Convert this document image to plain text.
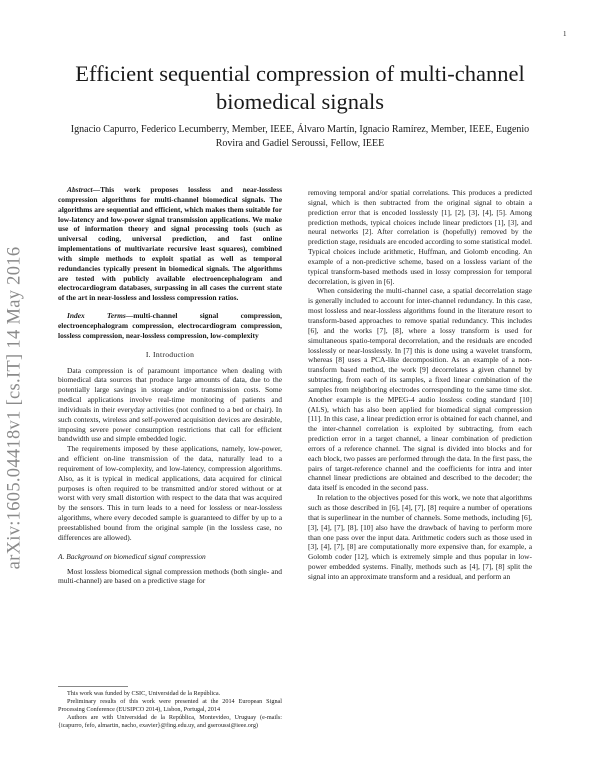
1
arXiv:1605.04418v1 [cs.IT] 14 May 2016
Efficient sequential compression of multi-channel biomedical signals

Ignacio Capurro, Federico Lecumberry, Member, IEEE, Álvaro Martín, Ignacio Ramírez, Member, IEEE, Eugenio Rovira and Gadiel Seroussi, Fellow, IEEE

Abstract—This work proposes lossless and near-lossless compression algorithms for multi-channel biomedical signals. The algorithms are sequential and efficient, which makes them suitable for low-latency and low-power signal transmission applications. We make use of information theory and signal processing tools (such as universal coding, universal prediction, and fast online implementations of multivariate recursive least squares), combined with simple methods to exploit spatial as well as temporal redundancies typically present in biomedical signals. The algorithms are tested with publicly available electroencephalogram and electrocardiogram databases, surpassing in all cases the current state of the art in near-lossless and lossless compression ratios.

Index Terms—multi-channel signal compression, electroencephalogram compression, electrocardiogram compression, lossless compression, near-lossless compression, low-complexity

I. Introduction

Data compression is of paramount importance when dealing with biomedical data sources that produce large amounts of data, due to the potentially large savings in storage and/or transmission costs. Some medical applications involve real-time monitoring of patients and individuals in their everyday activities (not confined to a bed or chair). In such contexts, wireless and self-powered acquisition devices are desirable, imposing severe power consumption restrictions that call for efficient bandwidth use and simple embedded logic.

The requirements imposed by these applications, namely, low-power, and efficient on-line transmission of the data, naturally lead to a requirement of low-complexity, and low-latency, compression algorithms. Also, as it is typical in medical applications, data acquired for clinical purposes is often required to be transmitted and/or stored without or at worst with very small distortion with respect to the data that was acquired by the sensors. This in turn leads to a need for lossless or near-lossless algorithms, where every decoded sample is guaranteed to differ by up to a preestablished bound from the original sample (in the lossless case, no differences are allowed).

A. Background on biomedical signal compression

Most lossless biomedical signal compression methods (both single- and multi-channel) are based on a predictive stage for

This work was funded by CSIC, Universidad de la República.

Preliminary results of this work were presented at the 2014 European Signal Processing Conference (EUSIPCO 2014), Lisbon, Portugal, 2014

Authors are with Universidad de la República, Montevideo, Uruguay (e-mails: {icapurro, fefo, almartin, nacho, exavier}@fing.edu.uy, and gseroussi@ieee.org)

removing temporal and/or spatial correlations. This produces a predicted signal, which is then subtracted from the original signal to obtain a prediction error that is encoded losslessly [1], [2], [3], [4], [5]. Among prediction methods, typical choices include linear predictors [1], [3], and neural networks [2]. After correlation is (hopefully) removed by the prediction stage, residuals are encoded according to some statistical model. Typical choices include arithmetic, Huffman, and Golomb encoding. An example of a non-predictive scheme, based on a lossless variant of the typical transform-based methods used in lossy compression for temporal decorrelation, is given in [6].

When considering the multi-channel case, a spatial decorrelation stage is generally included to account for inter-channel redundancy. In this case, most lossless and near-lossless algorithms found in the literature resort to transform-based approaches to remove spatial redundancy. This includes [6], and the works [7], [8], where a lossy transform is used for simultaneous spatio-temporal decorrelation, and the residuals are encoded losslessly or near-losslessly. In [7] this is done using a wavelet transform, whereas [8] uses a PCA-like decomposition. As an example of a non-transform based method, the work [9] decorrelates a given channel by subtracting, from each of its samples, a fixed linear combination of the samples from neighboring electrodes corresponding to the same time slot. Another example is the MPEG-4 audio lossless coding standard [10] (ALS), which has also been applied for biomedical signal compression [11]. In this case, a linear prediction error is obtained for each channel, and the inter-channel correlation is exploited by subtracting, from each prediction error in a target channel, a linear combination of prediction errors of a reference channel. The signal is divided into blocks and for each block, two passes are performed through the data. In the first pass, the pairs of target-reference channel and the coefficients for intra and inter channel linear predictions are obtained and described to the decoder; the data itself is encoded in the second pass.

In relation to the objectives posed for this work, we note that algorithms such as those described in [6], [4], [7], [8] require a number of operations that is superlinear in the number of channels. Some methods, including [6], [3], [4], [7], [8], [10] also have the drawback of having to perform more than one pass over the input data. Arithmetic coders such as those used in [3], [4], [7], [8] are computationally more expensive than, for example, a Golomb coder [12], which is extremely simple and thus popular in low-power embedded systems. Finally, methods such as [4], [7], [8] split the signal into an approximate transform and a residual, and perform an
